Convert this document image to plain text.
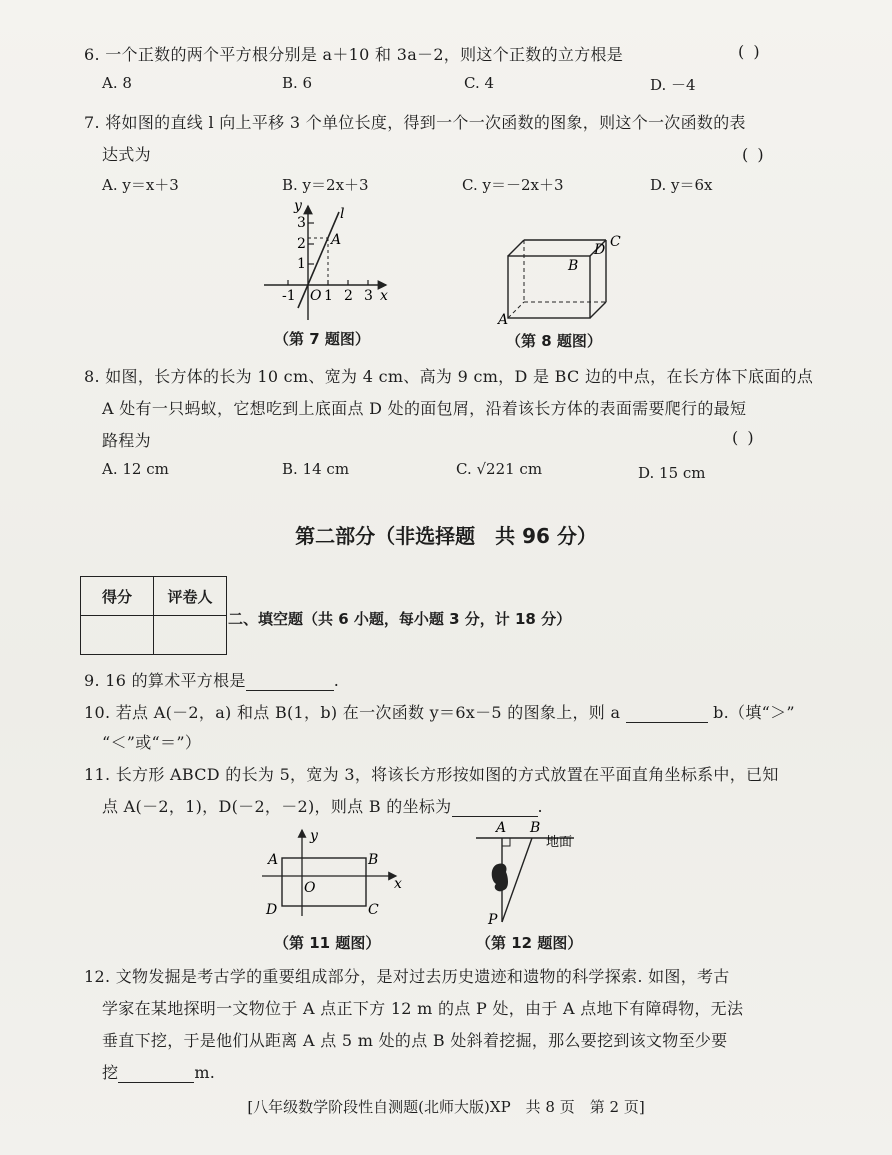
6. 一个正数的两个平方根分别是 a＋10 和 3a－2，则这个正数的立方根是	( )
A. 8	B. 6	C. 4	D. －4
7. 将如图的直线 l 向上平移 3 个单位长度，得到一个一次函数的图象，则这个一次函数的表
达式为	( )
A. y＝x＋3	B. y＝2x＋3	C. y＝－2x＋3	D. y＝6x
y
x
3
2
1
-1 O 1 2 3
A
l
（第 7 题图）
A
B
C
D
（第 8 题图）
8. 如图，长方体的长为 10 cm、宽为 4 cm、高为 9 cm，D 是 BC 边的中点，在长方体下底面的点
A 处有一只蚂蚁，它想吃到上底面点 D 处的面包屑，沿着该长方体的表面需要爬行的最短
路程为	( )
A. 12 cm	B. 14 cm	C. √221 cm	D. 15 cm
第二部分（非选择题　共 96 分）
得分	评卷人

二、填空题（共 6 小题，每小题 3 分，计 18 分）
9. 16 的算术平方根是	.
10. 若点 A(－2，a) 和点 B(1，b) 在一次函数 y＝6x－5 的图象上，则 a	b.（填“＞”
“＜”或“＝”）
11. 长方形 ABCD 的长为 5，宽为 3，将该长方形按如图的方式放置在平面直角坐标系中，已知
点 A(－2，1)，D(－2，－2)，则点 B 的坐标为	.
y
x
O
A	B
C
D
（第 11 题图）
A B
P
地面
（第 12 题图）
12. 文物发掘是考古学的重要组成部分，是对过去历史遗迹和遗物的科学探索. 如图，考古
学家在某地探明一文物位于 A 点正下方 12 m 的点 P 处，由于 A 点地下有障碍物，无法
垂直下挖，于是他们从距离 A 点 5 m 处的点 B 处斜着挖掘，那么要挖到该文物至少要
挖	m.
[八年级数学阶段性自测题(北师大版)XP　共 8 页　第 2 页]
